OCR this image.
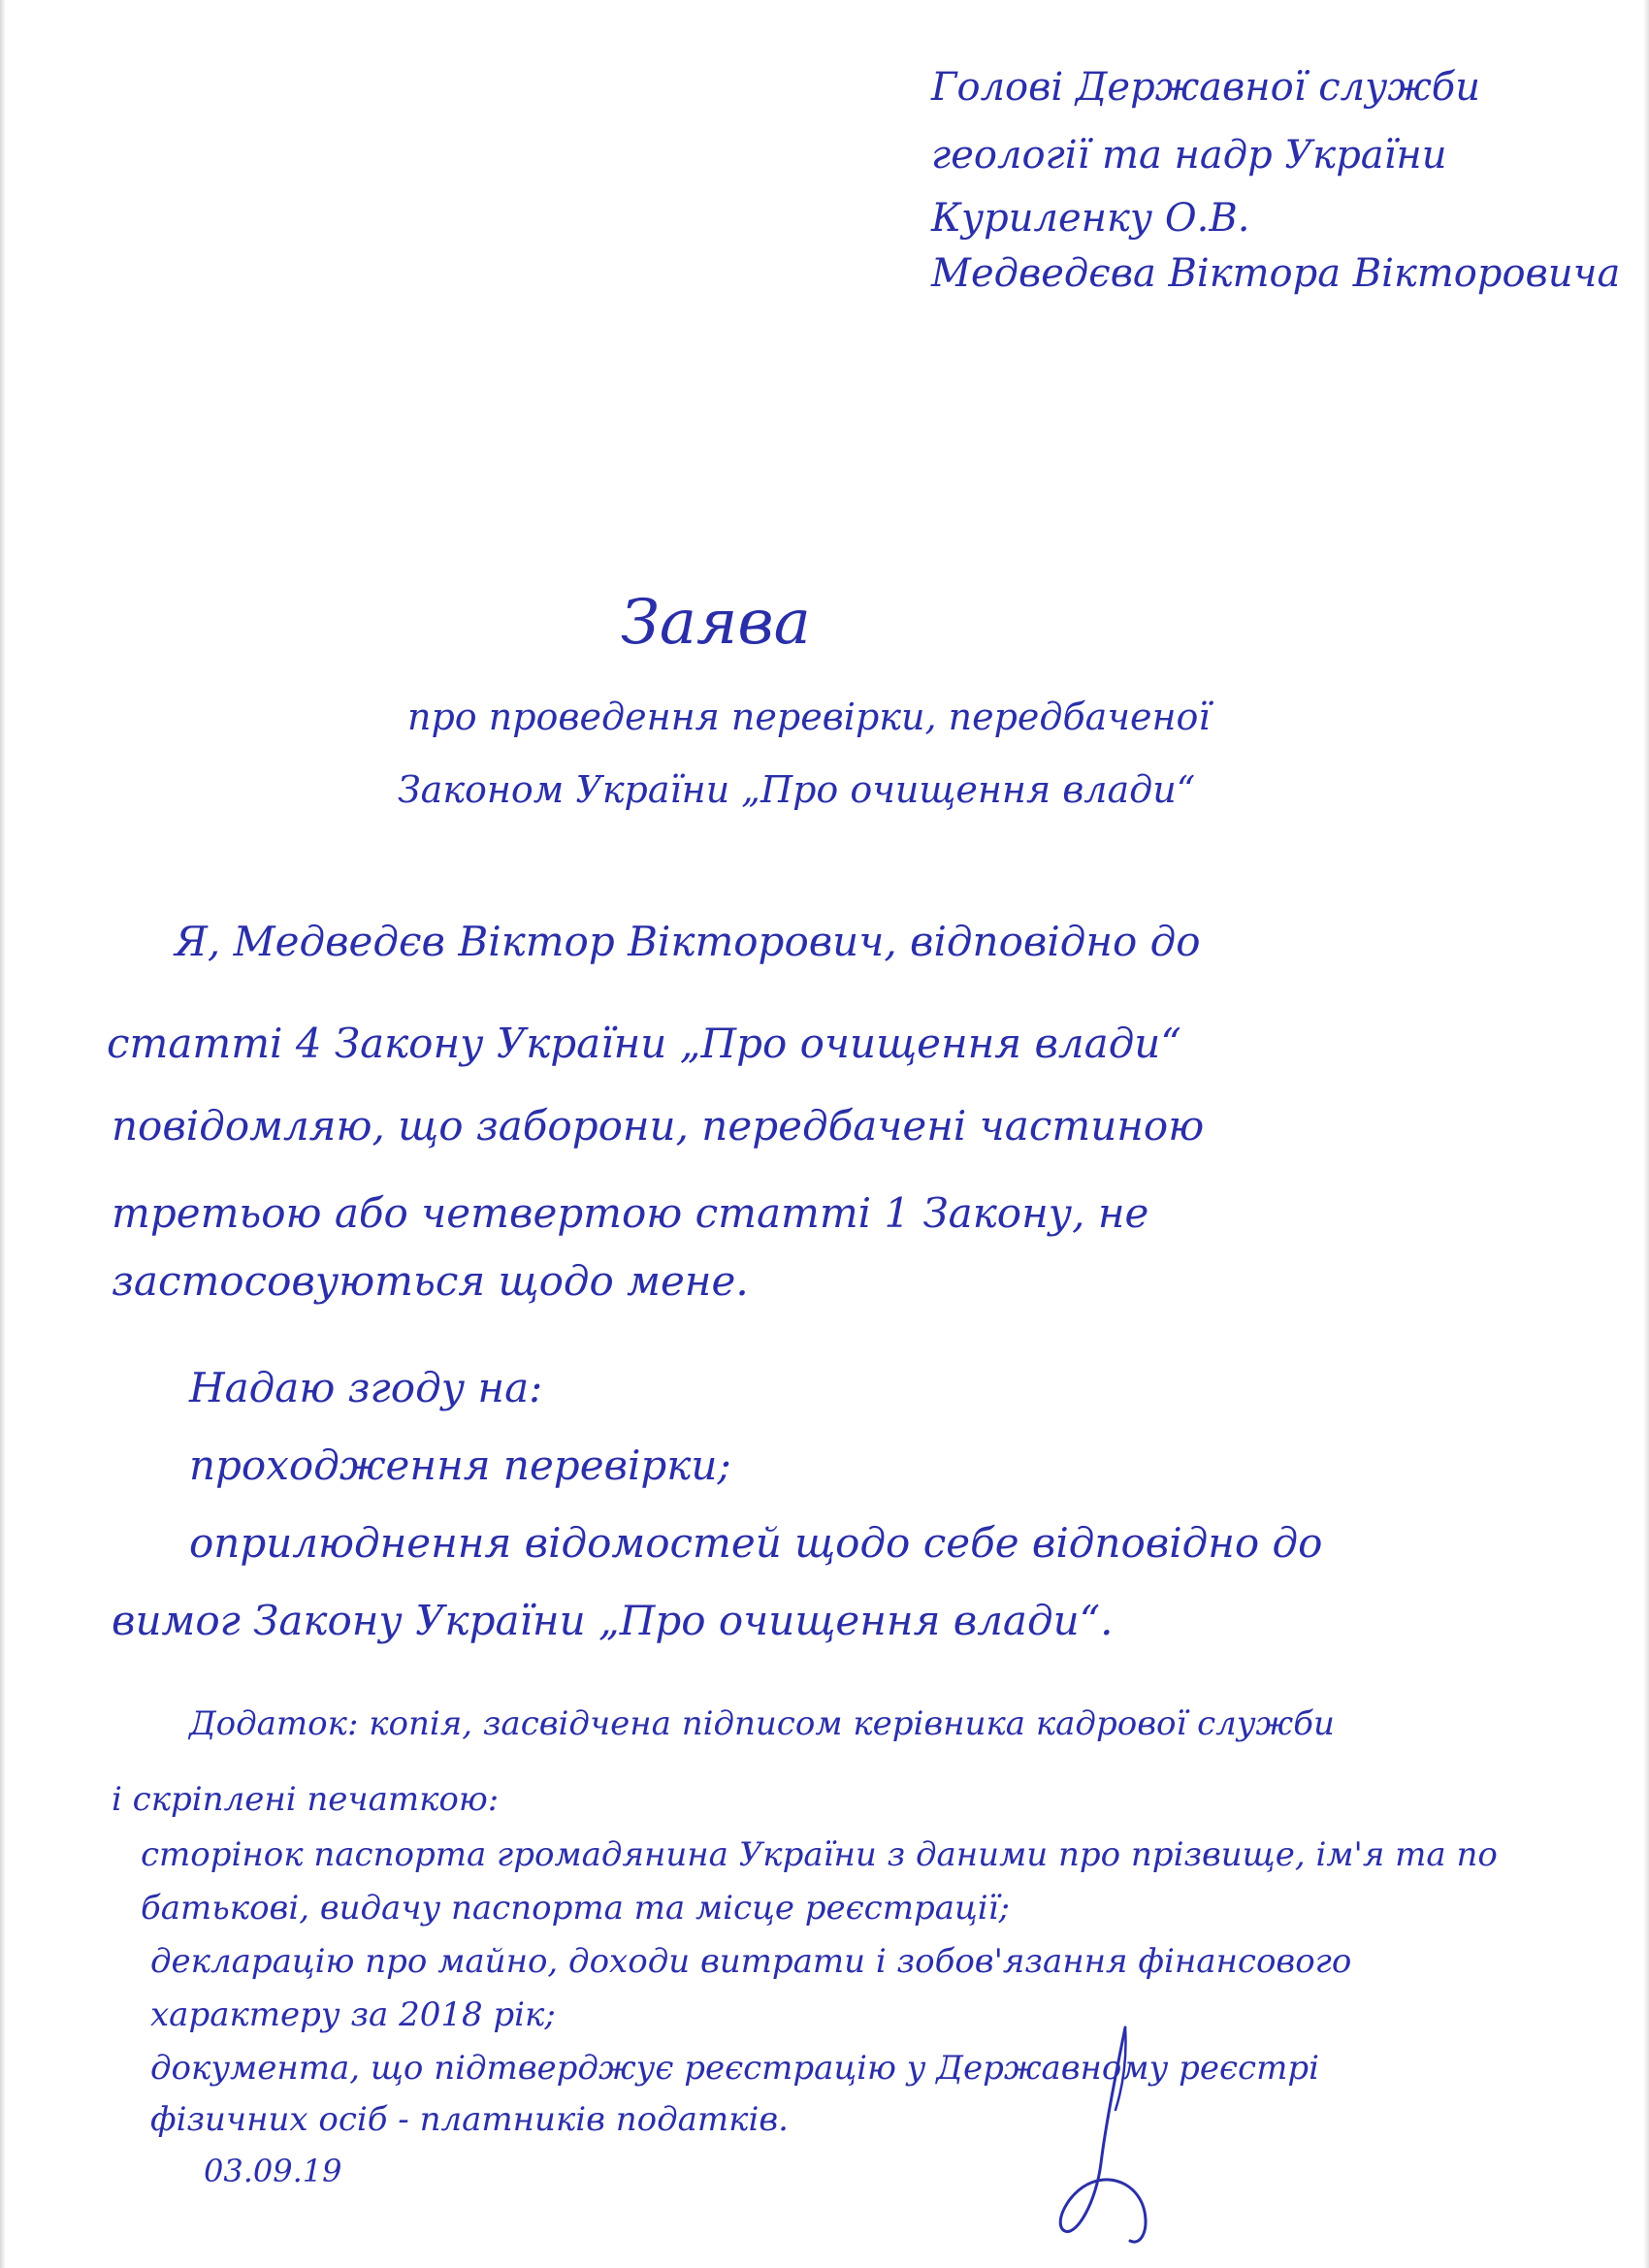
Головi Державної служби
геології та надр України
Куриленку О.В.
Медведєва Віктора Вікторовича
Заява
про проведення перевірки, передбаченої
Законом України „Про очищення влади“
Я, Медведєв Віктор Вікторович, відповідно до
статті 4 Закону України „Про очищення влади“
повідомляю, що заборони, передбачені частиною
третьою або четвертою статті 1 Закону, не
застосовуються щодо мене.
Надаю згоду на:
проходження перевірки;
оприлюднення відомостей щодо себе відповідно до
вимог Закону України „Про очищення влади“.
Додаток: копія, засвідчена підписом керівника кадрової служби
і скріплені печаткою:
сторінок паспорта громадянина України з даними про прізвище, ім'я та по
батькові, видачу паспорта та місце реєстрації;
декларацію про майно, доходи витрати і зобов'язання фінансового
характеру за 2018 рік;
документа, що підтверджує реєстрацію у Державному реєстрі
фізичних осіб - платників податків.
03.09.19
